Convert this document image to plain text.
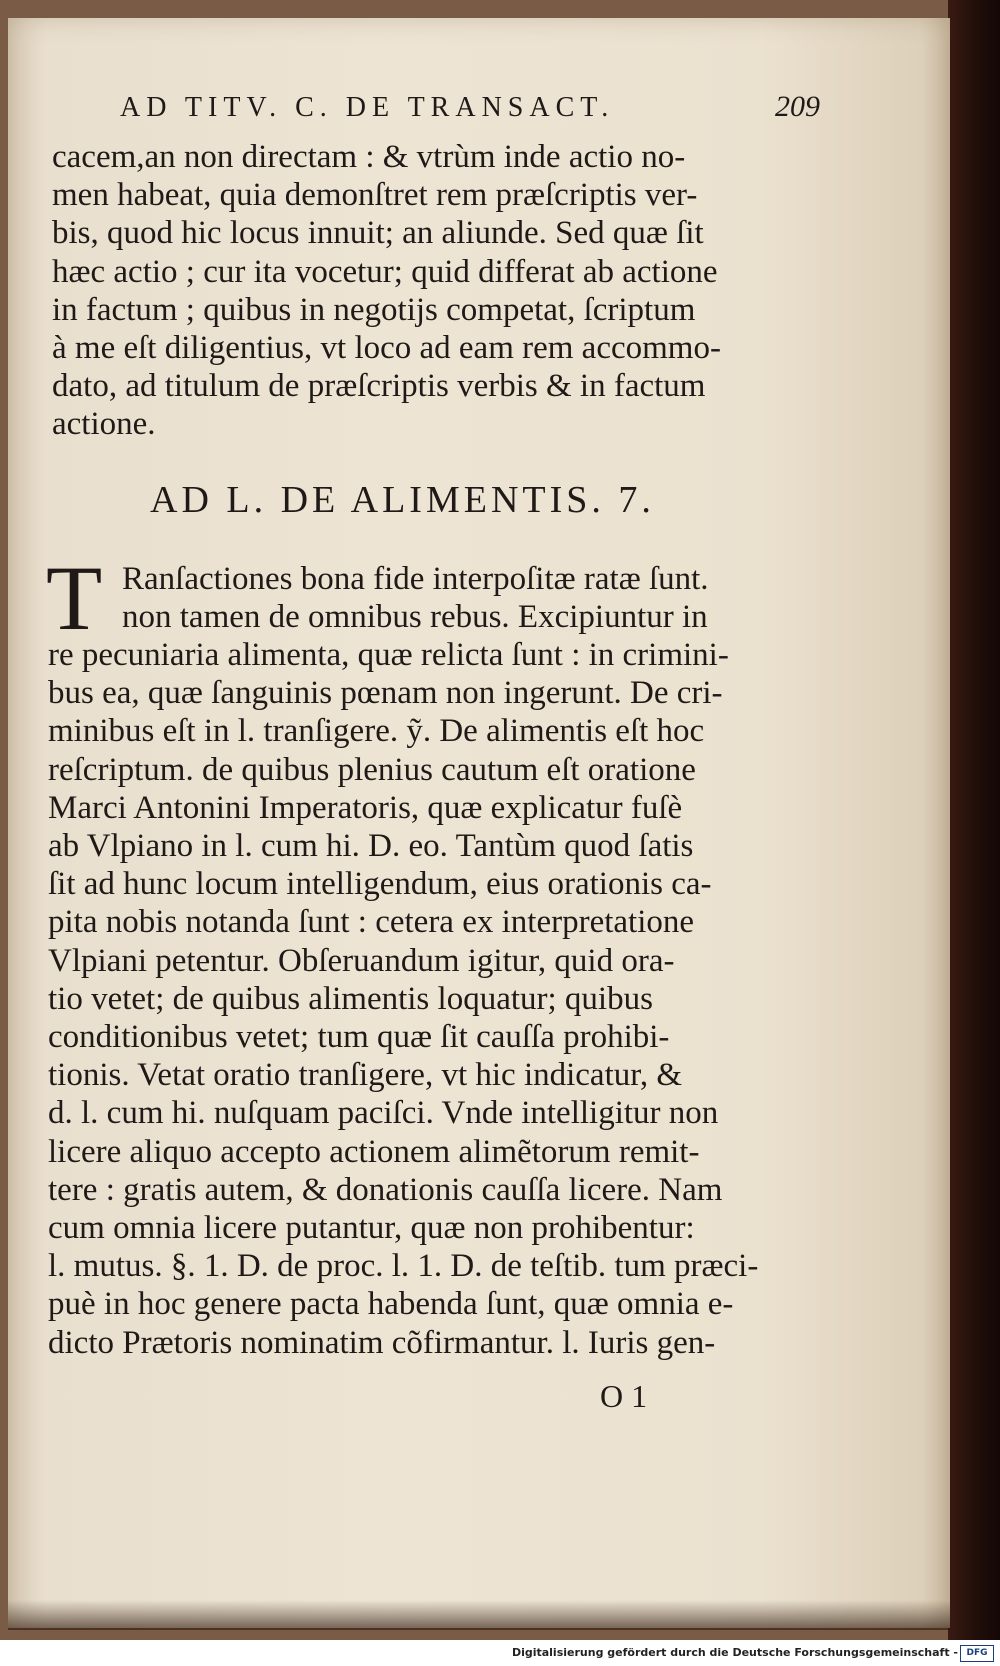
AD TITV. C. DE TRANSACT.	209
cacem,an non directam : & vtrùm inde actio no-
men habeat, quia demonſtret rem præſcriptis ver-
bis, quod hic locus innuit; an aliunde. Sed quæ ſit
hæc actio ; cur ita vocetur; quid differat ab actione
in factum ; quibus in negotijs competat, ſcriptum
à me eſt diligentius, vt loco ad eam rem accommo-
dato, ad titulum de præſcriptis verbis & in factum
actione.
AD L. DE ALIMENTIS. 7.
T Ranſactiones bona fide interpoſitæ ratæ ſunt.
non tamen de omnibus rebus. Excipiuntur in
re pecuniaria alimenta, quæ relicta ſunt : in crimini-
bus ea, quæ ſanguinis pœnam non ingerunt. De cri-
minibus eſt in l. tranſigere. ỹ. De alimentis eſt hoc
reſcriptum. de quibus plenius cautum eſt oratione
Marci Antonini Imperatoris, quæ explicatur fuſè
ab Vlpiano in l. cum hi. D. eo. Tantùm quod ſatis
ſit ad hunc locum intelligendum, eius orationis ca-
pita nobis notanda ſunt : cetera ex interpretatione
Vlpiani petentur. Obſeruandum igitur, quid ora-
tio vetet; de quibus alimentis loquatur; quibus
conditionibus vetet; tum quæ ſit cauſſa prohibi-
tionis. Vetat oratio tranſigere, vt hic indicatur, &
d. l. cum hi. nuſquam paciſci. Vnde intelligitur non
licere aliquo accepto actionem alimẽtorum remit-
tere : gratis autem, & donationis cauſſa licere. Nam
cum omnia licere putantur, quæ non prohibentur:
l. mutus. §. 1. D. de proc. l. 1. D. de teſtib. tum præci-
puè in hoc genere pacta habenda ſunt, quæ omnia e-
dicto Prætoris nominatim cõfirmantur. l. Iuris gen-
O 1
Digitalisierung gefördert durch die Deutsche Forschungsgemeinschaft - DFG
